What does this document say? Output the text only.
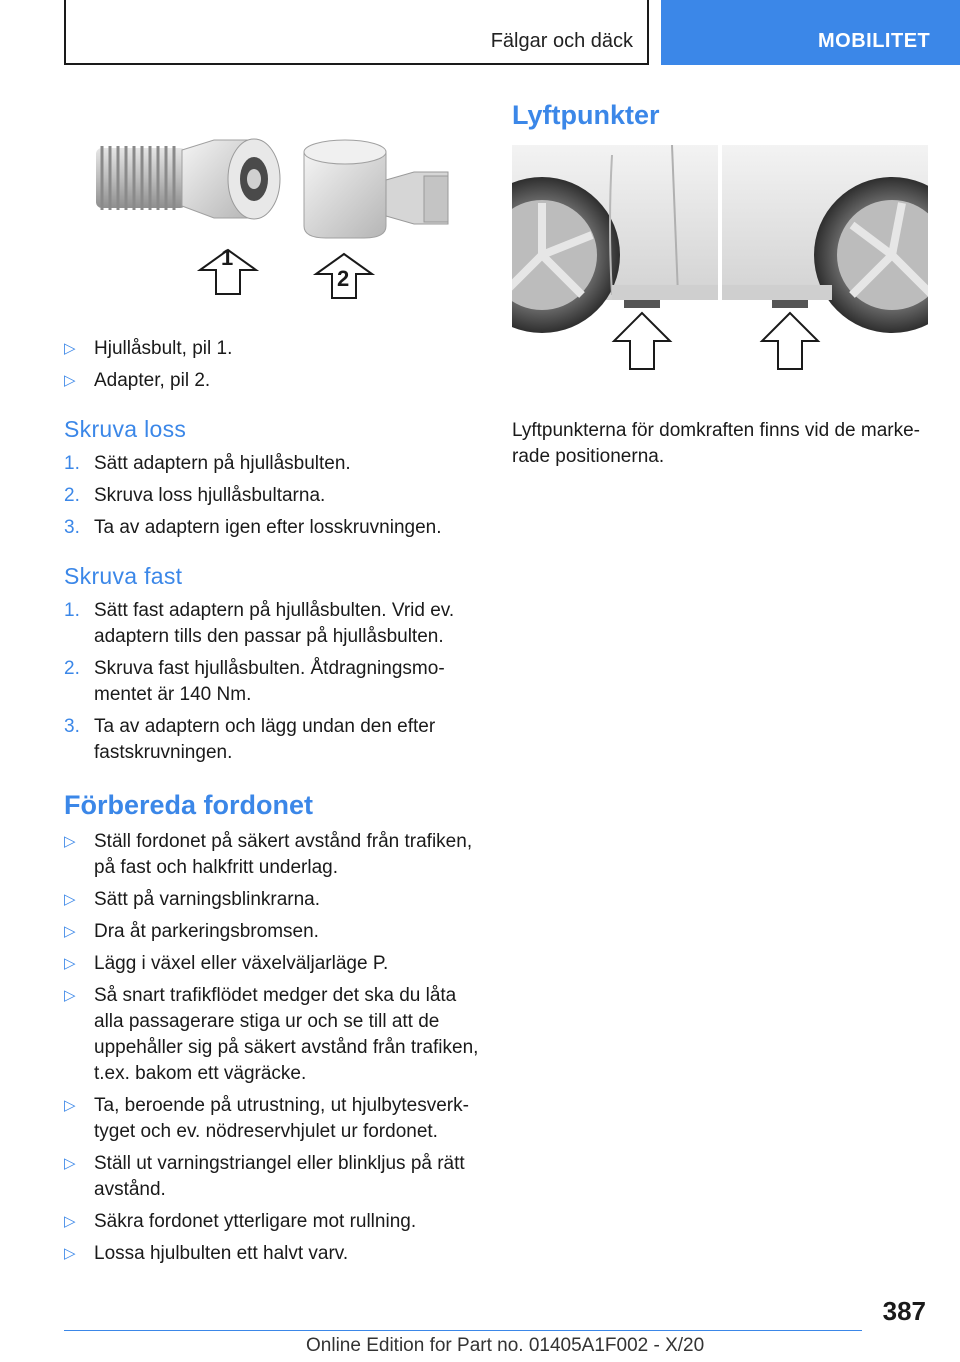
Fälgar och däck	MOBILITET
1
2
▷ Hjullåsbult, pil 1.
▷ Adapter, pil 2.
Skruva loss
1. Sätt adaptern på hjullåsbulten.
2. Skruva loss hjullåsbultarna.
3. Ta av adaptern igen efter losskruvningen.
Skruva fast
1. Sätt fast adaptern på hjullåsbulten. Vrid ev. adaptern tills den passar på hjullåsbulten.
2. Skruva fast hjullåsbulten. Åtdragningsmomentet är 140 Nm.
3. Ta av adaptern och lägg undan den efter fastskruvningen.
Förbereda fordonet
▷ Ställ fordonet på säkert avstånd från trafiken, på fast och halkfritt underlag.
▷ Sätt på varningsblinkrarna.
▷ Dra åt parkeringsbromsen.
▷ Lägg i växel eller växelväljarläge P.
▷ Så snart trafikflödet medger det ska du låta alla passagerare stiga ur och se till att de uppehåller sig på säkert avstånd från trafiken, t.ex. bakom ett vägräcke.
▷ Ta, beroende på utrustning, ut hjulbytesverktyget och ev. nödreservhjulet ur fordonet.
▷ Ställ ut varningstriangel eller blinkljus på rätt avstånd.
▷ Säkra fordonet ytterligare mot rullning.
▷ Lossa hjulbulten ett halvt varv.
Lyftpunkter

Lyftpunkterna för domkraften finns vid de markerade positionerna.

387
Online Edition for Part no. 01405A1F002 - X/20
